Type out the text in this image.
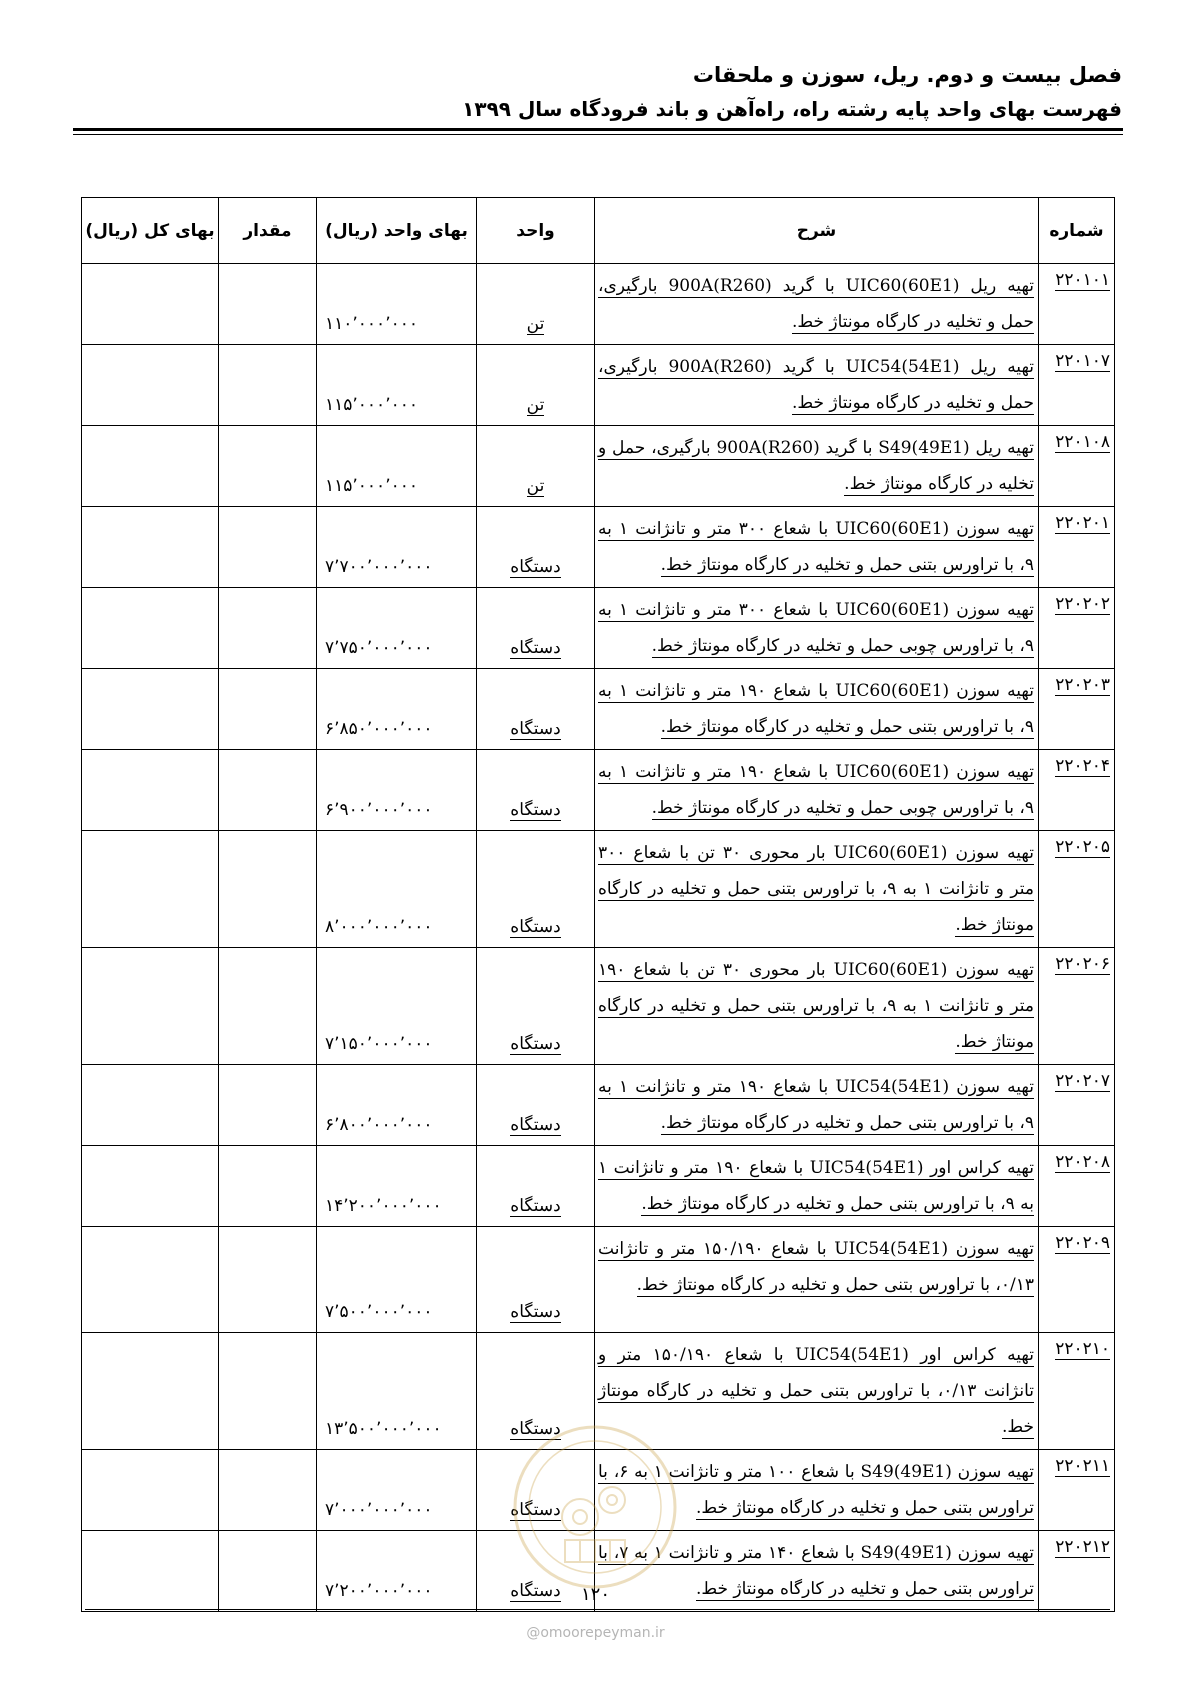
فصل بیست و دوم. ریل، سوزن و ملحقات
فهرست بهای واحد پایه رشته راه، راه‌آهن و باند فرودگاه سال ۱۳۹۹
شماره	شرح	واحد	بهای واحد (ریال)	مقدار	بهای کل (ریال)
۲۲۰۱۰۱	تهیه ریل UIC60(60E1) با گرید 900A(R260) بارگیری، حمل و تخلیه در کارگاه مونتاژ خط.	تن	۱۱۰٬۰۰۰٬۰۰۰		
۲۲۰۱۰۷	تهیه ریل UIC54(54E1) با گرید 900A(R260) بارگیری، حمل و تخلیه در کارگاه مونتاژ خط.	تن	۱۱۵٬۰۰۰٬۰۰۰		
۲۲۰۱۰۸	تهیه ریل S49(49E1) با گرید 900A(R260) بارگیری، حمل و تخلیه در کارگاه مونتاژ خط.	تن	۱۱۵٬۰۰۰٬۰۰۰		
۲۲۰۲۰۱	تهیه سوزن UIC60(60E1) با شعاع ۳۰۰ متر و تانژانت ۱ به ۹، با تراورس بتنی حمل و تخلیه در کارگاه مونتاژ خط.	دستگاه	۷٬۷۰۰٬۰۰۰٬۰۰۰		
۲۲۰۲۰۲	تهیه سوزن UIC60(60E1) با شعاع ۳۰۰ متر و تانژانت ۱ به ۹، با تراورس چوبی حمل و تخلیه در کارگاه مونتاژ خط.	دستگاه	۷٬۷۵۰٬۰۰۰٬۰۰۰		
۲۲۰۲۰۳	تهیه سوزن UIC60(60E1) با شعاع ۱۹۰ متر و تانژانت ۱ به ۹، با تراورس بتنی حمل و تخلیه در کارگاه مونتاژ خط.	دستگاه	۶٬۸۵۰٬۰۰۰٬۰۰۰		
۲۲۰۲۰۴	تهیه سوزن UIC60(60E1) با شعاع ۱۹۰ متر و تانژانت ۱ به ۹، با تراورس چوبی حمل و تخلیه در کارگاه مونتاژ خط.	دستگاه	۶٬۹۰۰٬۰۰۰٬۰۰۰		
۲۲۰۲۰۵	تهیه سوزن UIC60(60E1) بار محوری ۳۰ تن با شعاع ۳۰۰ متر و تانژانت ۱ به ۹، با تراورس بتنی حمل و تخلیه در کارگاه مونتاژ خط.	دستگاه	۸٬۰۰۰٬۰۰۰٬۰۰۰		
۲۲۰۲۰۶	تهیه سوزن UIC60(60E1) بار محوری ۳۰ تن با شعاع ۱۹۰ متر و تانژانت ۱ به ۹، با تراورس بتنی حمل و تخلیه در کارگاه مونتاژ خط.	دستگاه	۷٬۱۵۰٬۰۰۰٬۰۰۰		
۲۲۰۲۰۷	تهیه سوزن UIC54(54E1) با شعاع ۱۹۰ متر و تانژانت ۱ به ۹، با تراورس بتنی حمل و تخلیه در کارگاه مونتاژ خط.	دستگاه	۶٬۸۰۰٬۰۰۰٬۰۰۰		
۲۲۰۲۰۸	تهیه کراس اور UIC54(54E1) با شعاع ۱۹۰ متر و تانژانت ۱ به ۹، با تراورس بتنی حمل و تخلیه در کارگاه مونتاژ خط.	دستگاه	۱۴٬۲۰۰٬۰۰۰٬۰۰۰		
۲۲۰۲۰۹	تهیه سوزن UIC54(54E1) با شعاع ۱۵۰/۱۹۰ متر و تانژانت ۰/۱۳، با تراورس بتنی حمل و تخلیه در کارگاه مونتاژ خط.	دستگاه	۷٬۵۰۰٬۰۰۰٬۰۰۰		
۲۲۰۲۱۰	تهیه کراس اور UIC54(54E1) با شعاع ۱۵۰/۱۹۰ متر و تانژانت ۰/۱۳، با تراورس بتنی حمل و تخلیه در کارگاه مونتاژ خط.	دستگاه	۱۳٬۵۰۰٬۰۰۰٬۰۰۰		
۲۲۰۲۱۱	تهیه سوزن S49(49E1) با شعاع ۱۰۰ متر و تانژانت ۱ به ۶، با تراورس بتنی حمل و تخلیه در کارگاه مونتاژ خط.	دستگاه	۷٬۰۰۰٬۰۰۰٬۰۰۰		
۲۲۰۲۱۲	تهیه سوزن S49(49E1) با شعاع ۱۴۰ متر و تانژانت ۱ به ۷، با تراورس بتنی حمل و تخلیه در کارگاه مونتاژ خط.	دستگاه	۷٬۲۰۰٬۰۰۰٬۰۰۰			۱۲۰
@omoorepeyman.ir
